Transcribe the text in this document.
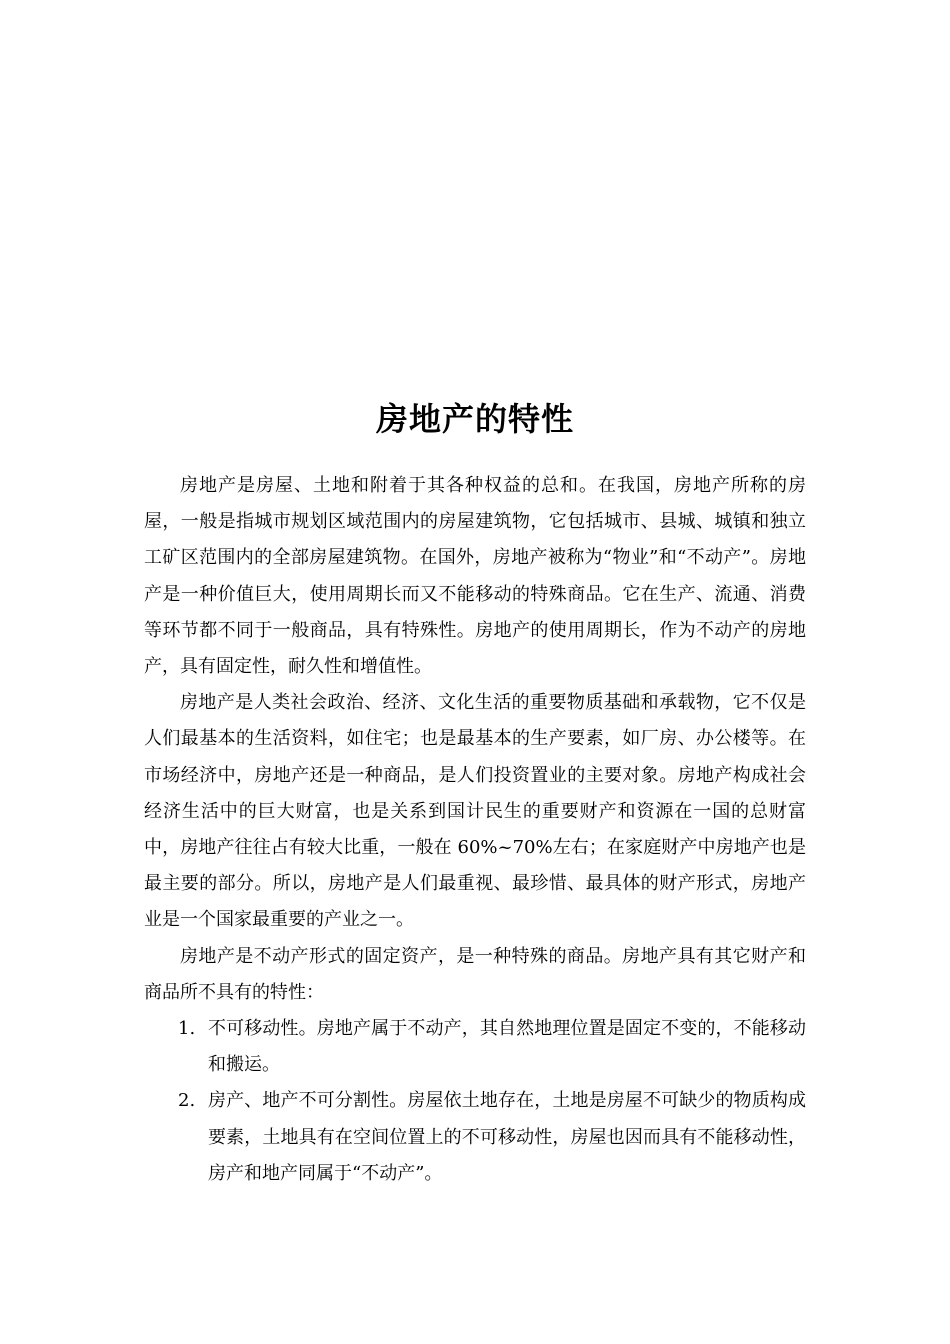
房地产的特性

房地产是房屋、土地和附着于其各种权益的总和。在我国，房地产所称的房屋，一般是指城市规划区域范围内的房屋建筑物，它包括城市、县城、城镇和独立工矿区范围内的全部房屋建筑物。在国外，房地产被称为“物业”和“不动产”。房地产是一种价值巨大，使用周期长而又不能移动的特殊商品。它在生产、流通、消费等环节都不同于一般商品，具有特殊性。房地产的使用周期长，作为不动产的房地产，具有固定性，耐久性和增值性。

房地产是人类社会政治、经济、文化生活的重要物质基础和承载物，它不仅是人们最基本的生活资料，如住宅；也是最基本的生产要素，如厂房、办公楼等。在市场经济中，房地产还是一种商品，是人们投资置业的主要对象。房地产构成社会经济生活中的巨大财富，也是关系到国计民生的重要财产和资源在一国的总财富中，房地产往往占有较大比重，一般在 60%~70%左右；在家庭财产中房地产也是最主要的部分。所以，房地产是人们最重视、最珍惜、最具体的财产形式，房地产业是一个国家最重要的产业之一。

房地产是不动产形式的固定资产，是一种特殊的商品。房地产具有其它财产和商品所不具有的特性：

1. 不可移动性。房地产属于不动产，其自然地理位置是固定不变的，不能移动和搬运。
2. 房产、地产不可分割性。房屋依土地存在，土地是房屋不可缺少的物质构成要素，土地具有在空间位置上的不可移动性，房屋也因而具有不能移动性，房产和地产同属于“不动产”。
